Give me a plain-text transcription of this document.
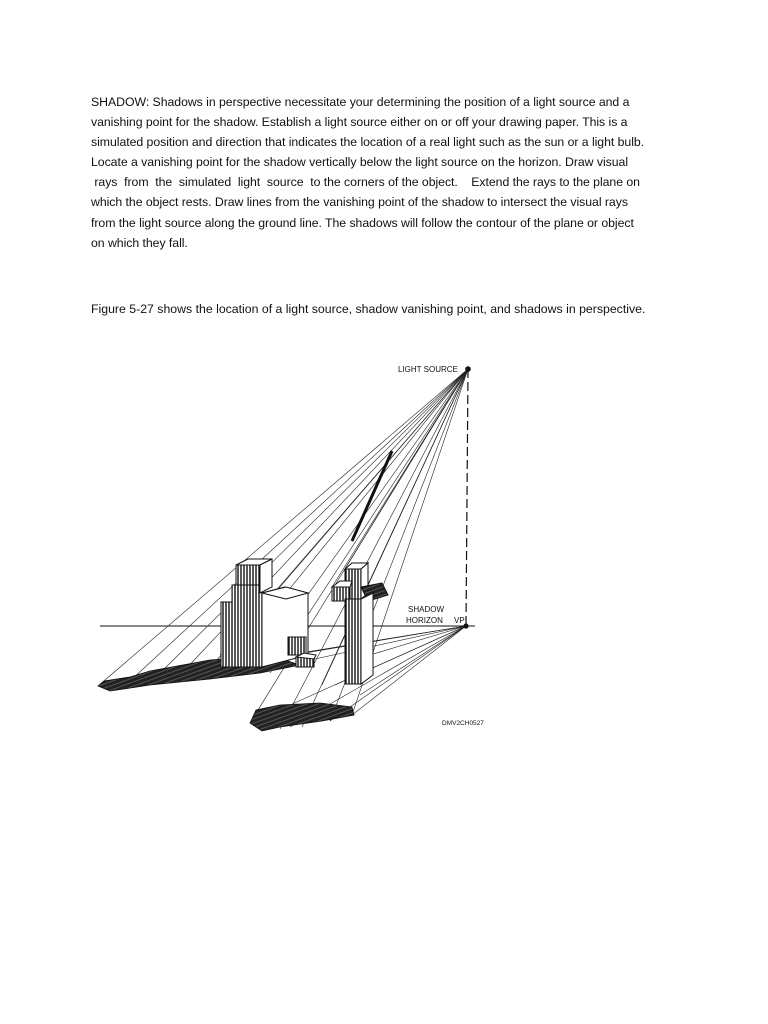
SHADOW: Shadows in perspective necessitate your determining the position of a light source and a
vanishing point for the shadow. Establish a light source either on or off your drawing paper. This is a
simulated position and direction that indicates the location of a real light such as the sun or a light bulb.
Locate a vanishing point for the shadow vertically below the light source on the horizon. Draw visual
rays  from  the  simulated  light  source  to the corners of the object.    Extend the rays to the plane on
which the object rests. Draw lines from the vanishing point of the shadow to intersect the visual rays
from the light source along the ground line. The shadows will follow the contour of the plane or object
on which they fall.
Figure 5-27 shows the location of a light source, shadow vanishing point, and shadows in perspective.
LIGHT SOURCE
SHADOW
HORIZON VP
DMV2CH0527
